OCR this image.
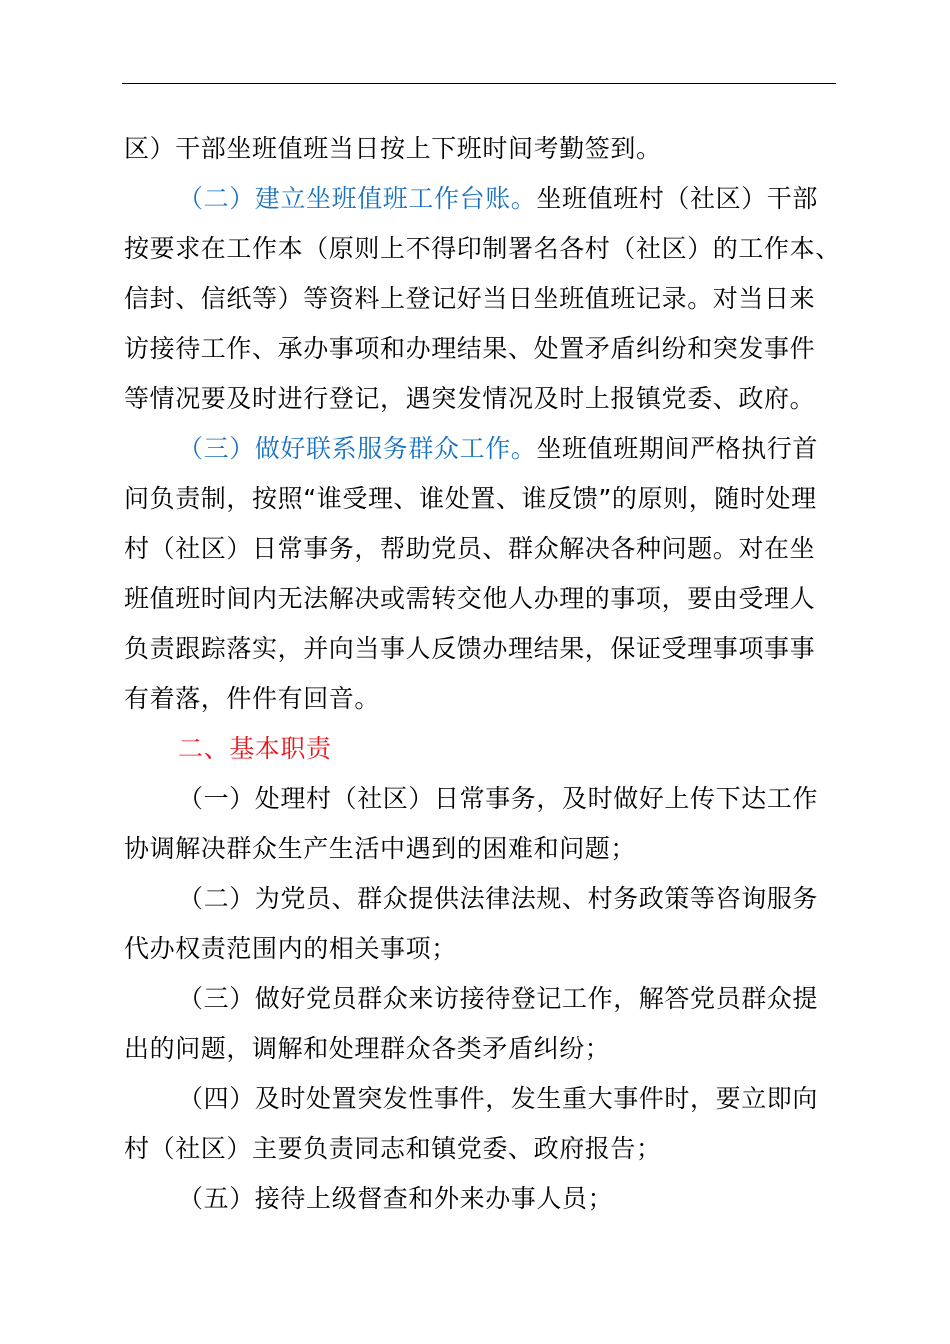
区）干部坐班值班当日按上下班时间考勤签到。
（二）建立坐班值班工作台账。坐班值班村（社区）干部
按要求在工作本（原则上不得印制署名各村（社区）的工作本、
信封、信纸等）等资料上登记好当日坐班值班记录。对当日来
访接待工作、承办事项和办理结果、处置矛盾纠纷和突发事件
等情况要及时进行登记，遇突发情况及时上报镇党委、政府。
（三）做好联系服务群众工作。坐班值班期间严格执行首
问负责制，按照“谁受理、谁处置、谁反馈”的原则，随时处理
村（社区）日常事务，帮助党员、群众解决各种问题。对在坐
班值班时间内无法解决或需转交他人办理的事项，要由受理人
负责跟踪落实，并向当事人反馈办理结果，保证受理事项事事
有着落，件件有回音。
二、基本职责
（一）处理村（社区）日常事务，及时做好上传下达工作
协调解决群众生产生活中遇到的困难和问题；
（二）为党员、群众提供法律法规、村务政策等咨询服务
代办权责范围内的相关事项；
（三）做好党员群众来访接待登记工作，解答党员群众提
出的问题，调解和处理群众各类矛盾纠纷；
（四）及时处置突发性事件，发生重大事件时，要立即向
村（社区）主要负责同志和镇党委、政府报告；
（五）接待上级督查和外来办事人员；
